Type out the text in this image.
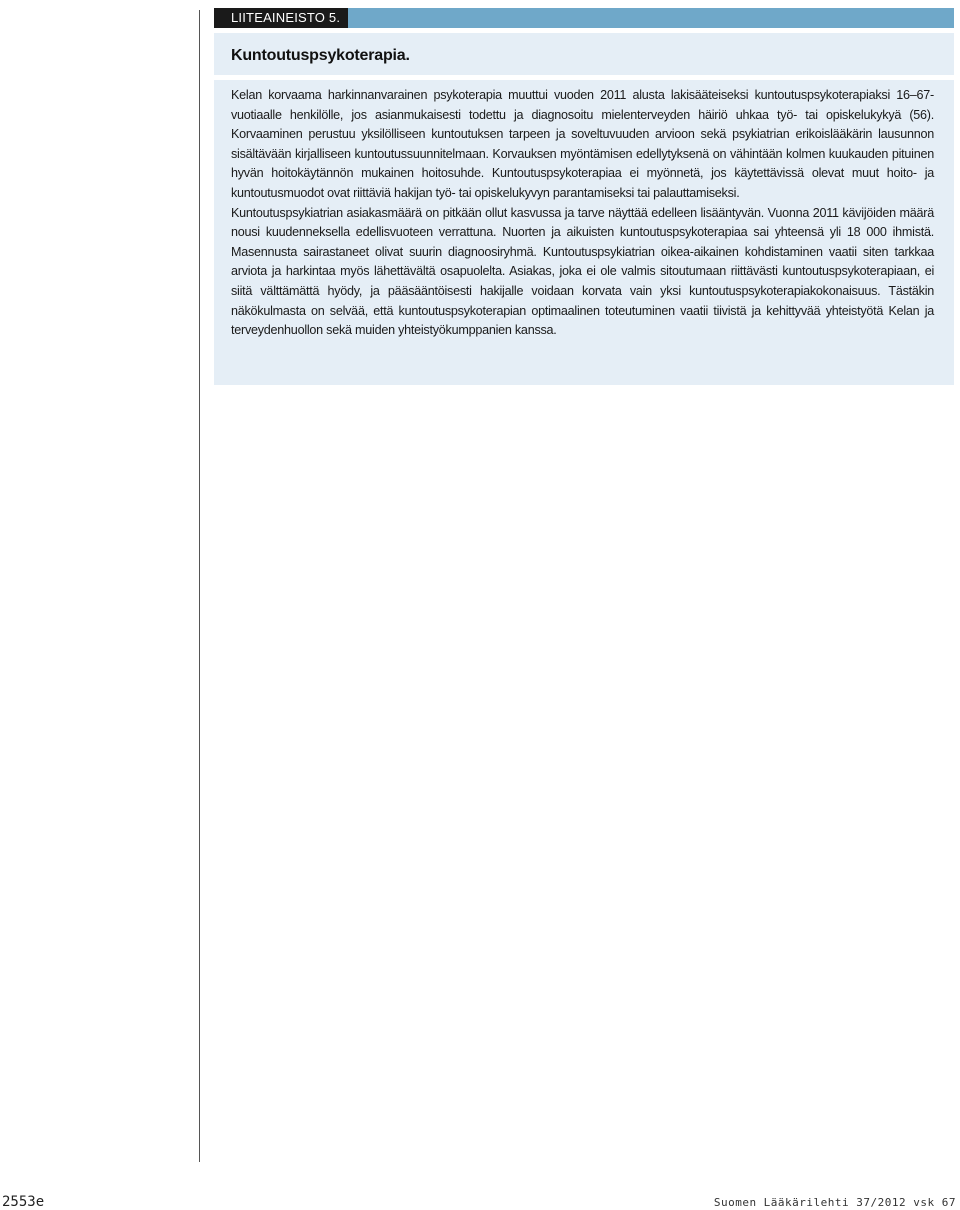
LIITEAINEISTO 5.
Kuntoutuspsykoterapia.

Kelan korvaama harkinnanvarainen psykoterapia muuttui vuoden 2011 alusta lakisääteiseksi kuntoutuspsykoterapiaksi 16–67-vuotiaalle henkilölle, jos asianmukaisesti todettu ja diagnosoitu mielenterveyden häiriö uhkaa työ- tai opiskelukykyä (56). Korvaaminen perustuu yksilölliseen kuntoutuksen tarpeen ja soveltuvuuden arvioon sekä psykiatrian erikoislääkärin lausunnon sisältävään kirjalliseen kuntoutussuunnitelmaan. Korvauksen myöntämisen edellytyksenä on vähintään kolmen kuukauden pituinen hyvän hoitokäytännön mukainen hoitosuhde. Kuntoutuspsykoterapiaa ei myönnetä, jos käytettävissä olevat muut hoito- ja kuntoutusmuodot ovat riittäviä hakijan työ- tai opiskelukyvyn parantamiseksi tai palauttamiseksi.

Kuntoutuspsykiatrian asiakasmäärä on pitkään ollut kasvussa ja tarve näyttää edelleen lisääntyvän. Vuonna 2011 kävijöiden määrä nousi kuudenneksella edellisvuoteen verrattuna. Nuorten ja aikuisten kuntoutuspsykoterapiaa sai yhteensä yli 18 000 ihmistä. Masennusta sairastaneet olivat suurin diagnoosiryhmä. Kuntoutuspsykiatrian oikea-aikainen kohdistaminen vaatii siten tarkkaa arviota ja harkintaa myös lähettävältä osapuolelta. Asiakas, joka ei ole valmis sitoutumaan riittävästi kuntoutuspsykoterapiaan, ei siitä välttämättä hyödy, ja pääsääntöisesti hakijalle voidaan korvata vain yksi kuntoutuspsykoterapiakokonaisuus. Tästäkin näkökulmasta on selvää, että kuntoutuspsykoterapian optimaalinen toteutuminen vaatii tiivistä ja kehittyvää yhteistyötä Kelan ja terveydenhuollon sekä muiden yhteistyökumppanien kanssa.

2553e	Suomen Lääkärilehti 37/2012 vsk 67
